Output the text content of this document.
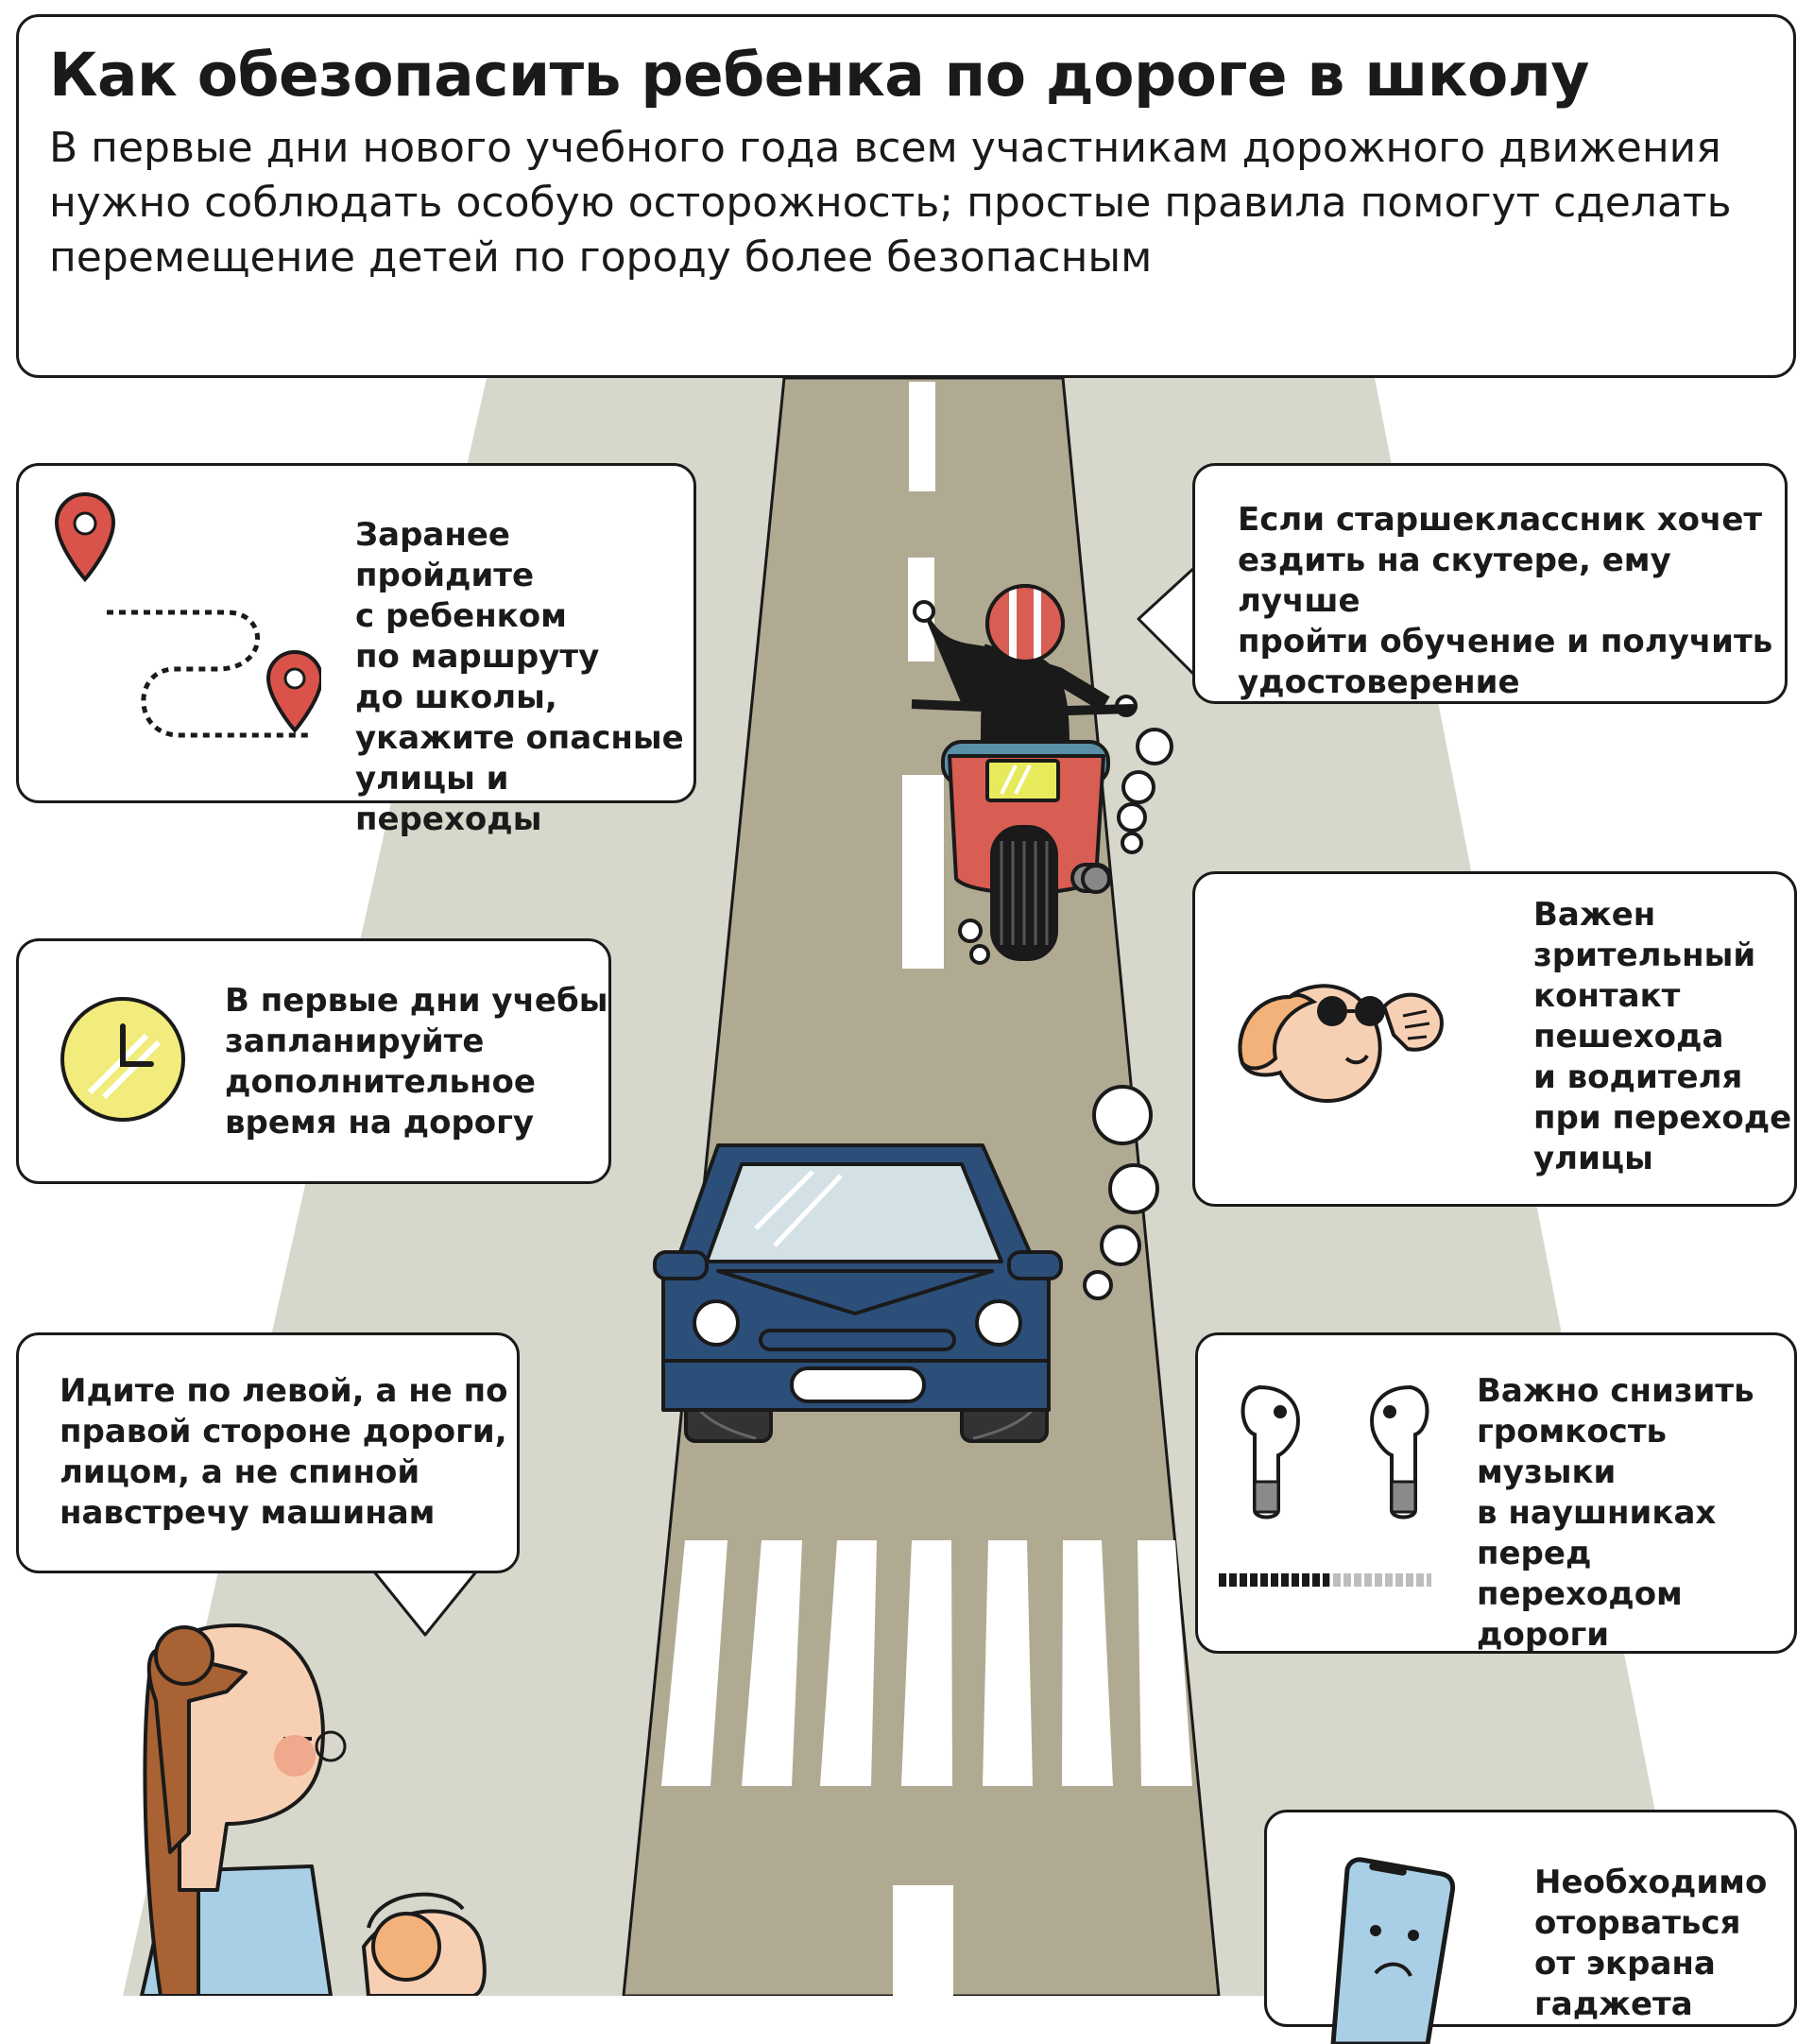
Как обезопасить ребенка по дороге в школу

В первые дни нового учебного года всем участникам дорожного движения нужно соблюдать особую осторожность; простые правила помогут сделать перемещение детей по городу более безопасным

Заранее пройдите
с ребенком
по маршруту
до школы,
укажите опасные
улицы и переходы
В первые дни учебы
запланируйте
дополнительное
время на дорогу
Идите по левой, а не по
правой стороне дороги,
лицом, а не спиной
навстречу машинам
Если старшеклассник хочет
ездить на скутере, ему лучше
пройти обучение и получить
удостоверение
Важен
зрительный
контакт
пешехода
и водителя
при переходе
улицы
Важно снизить
громкость
музыки
в наушниках
перед переходом
дороги
Необходимо
оторваться
от экрана
гаджета
